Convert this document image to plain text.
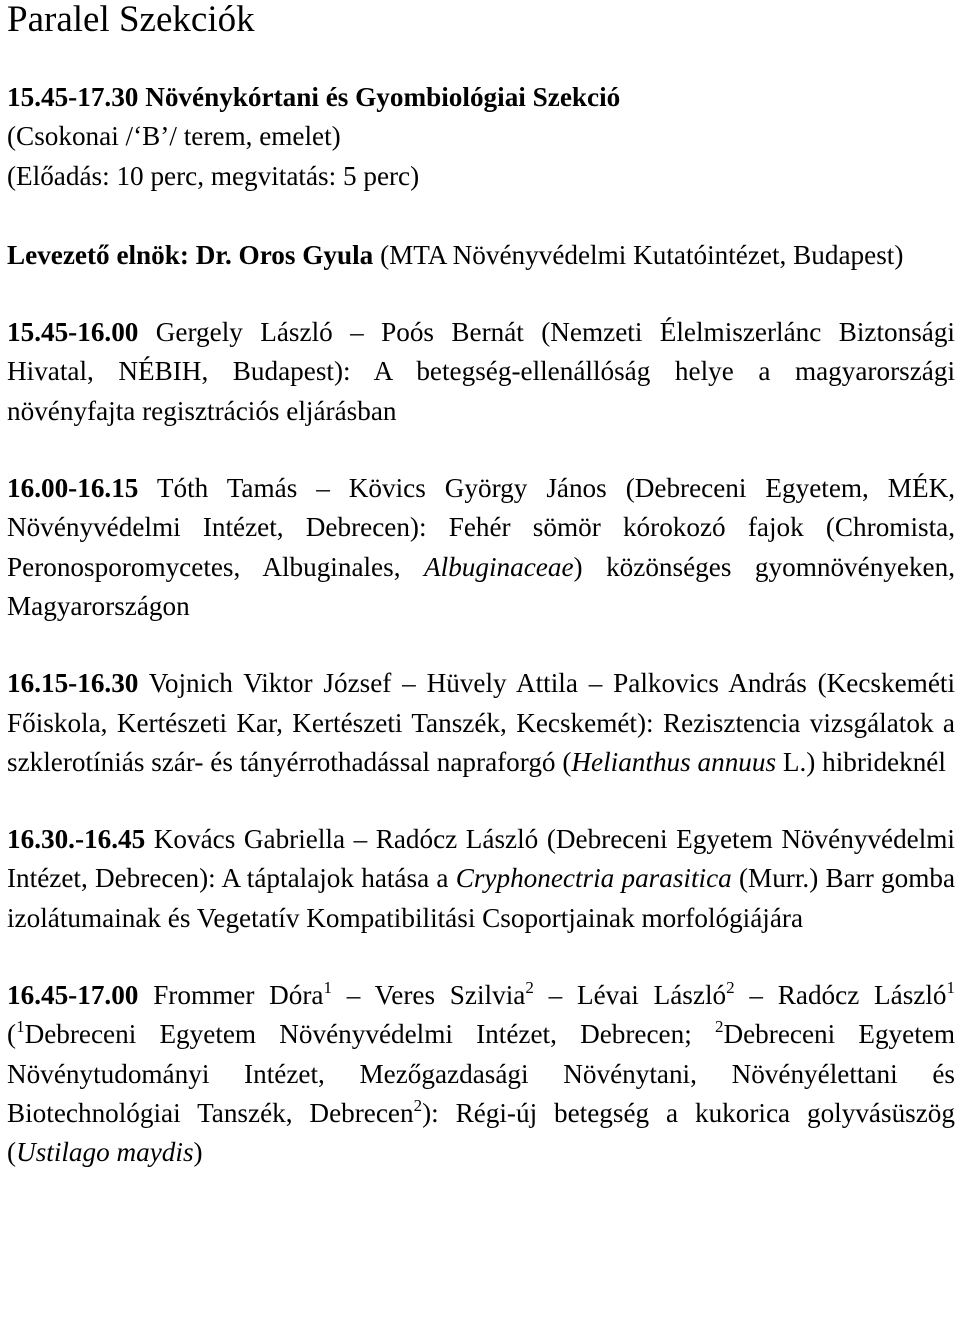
Paralel Szekciók

15.45-17.30 Növénykórtani és Gyombiológiai Szekció

(Csokonai /‘B’/ terem, emelet)

(Előadás: 10 perc, megvitatás: 5 perc)

Levezető elnök: Dr. Oros Gyula (MTA Növényvédelmi Kutatóintézet, Budapest)

15.45-16.00 Gergely László – Poós Bernát (Nemzeti Élelmiszerlánc Biztonsági Hivatal, NÉBIH, Budapest): A betegség-ellenállóság helye a magyarországi növényfajta regisztrációs eljárásban

16.00-16.15 Tóth Tamás – Kövics György János (Debreceni Egyetem, MÉK, Növényvédelmi Intézet, Debrecen): Fehér sömör kórokozó fajok (Chromista, Peronosporomycetes, Albuginales, Albuginaceae) közönséges gyomnövényeken, Magyarországon

16.15-16.30 Vojnich Viktor József – Hüvely Attila – Palkovics András (Kecskeméti Főiskola, Kertészeti Kar, Kertészeti Tanszék, Kecskemét): Rezisztencia vizsgálatok a szklerotíniás szár- és tányérrothadással napraforgó (Helianthus annuus L.) hibrideknél

16.30.-16.45 Kovács Gabriella – Radócz László (Debreceni Egyetem Növényvédelmi Intézet, Debrecen): A táptalajok hatása a Cryphonectria parasitica (Murr.) Barr gomba izolátumainak és Vegetatív Kompatibilitási Csoportjainak morfológiájára

16.45-17.00 Frommer Dóra$^1$ – Veres Szilvia$^2$ – Lévai László$^2$ – Radócz László$^1$ ($^1$Debreceni Egyetem Növényvédelmi Intézet, Debrecen; $^2$Debreceni Egyetem Növénytudományi Intézet, Mezőgazdasági Növénytani, Növényélettani és Biotechnológiai Tanszék, Debrecen$^2$): Régi-új betegség a kukorica golyvásüszög (Ustilago maydis)
